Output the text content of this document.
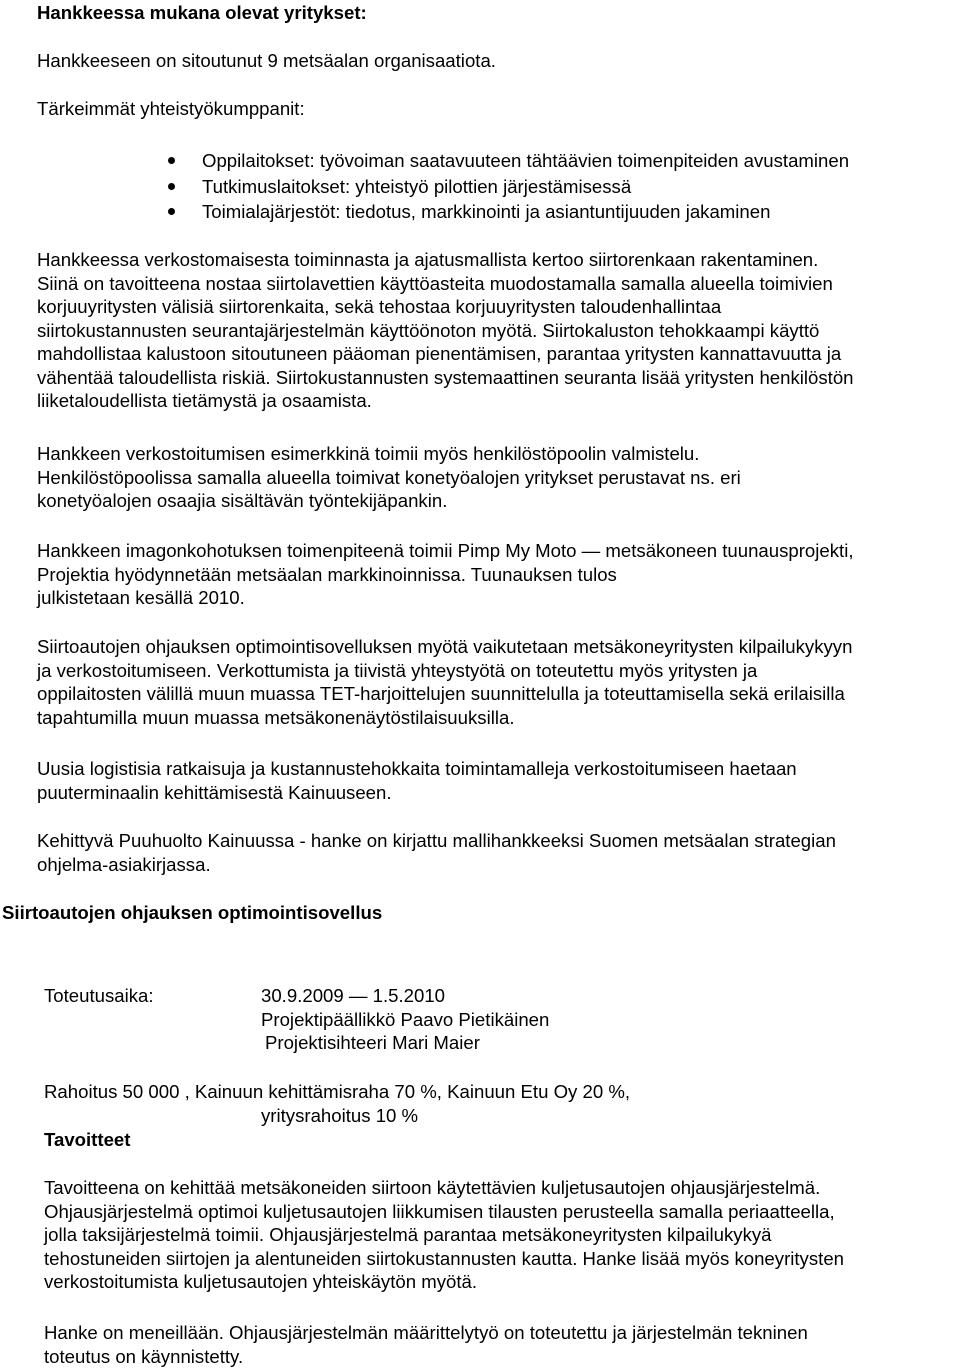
Hankkeessa mukana olevat yritykset:
Hankkeeseen on sitoutunut 9 metsäalan organisaatiota.
Tärkeimmät yhteistyökumppanit:
Oppilaitokset: työvoiman saatavuuteen tähtäävien toimenpiteiden avustaminen
Tutkimuslaitokset: yhteistyö pilottien järjestämisessä
Toimialajärjestöt: tiedotus, markkinointi ja asiantuntijuuden jakaminen
Hankkeessa verkostomaisesta toiminnasta ja ajatusmallista kertoo siirtorenkaan rakentaminen.
Siinä on tavoitteena nostaa siirtolavettien käyttöasteita muodostamalla samalla alueella toimivien
korjuuyritysten välisiä siirtorenkaita, sekä tehostaa korjuuyritysten taloudenhallintaa
siirtokustannusten seurantajärjestelmän käyttöönoton myötä. Siirtokaluston tehokkaampi käyttö
mahdollistaa kalustoon sitoutuneen pääoman pienentämisen, parantaa yritysten kannattavuutta ja
vähentää taloudellista riskiä. Siirtokustannusten systemaattinen seuranta lisää yritysten henkilöstön
liiketaloudellista tietämystä ja osaamista.
Hankkeen verkostoitumisen esimerkkinä toimii myös henkilöstöpoolin valmistelu.
Henkilöstöpoolissa samalla alueella toimivat konetyöalojen yritykset perustavat ns. eri
konetyöalojen osaajia sisältävän työntekijäpankin.
Hankkeen imagonkohotuksen toimenpiteenä toimii Pimp My Moto — metsäkoneen tuunausprojekti,
Projektia hyödynnetään metsäalan markkinoinnissa. Tuunauksen tulos
julkistetaan kesällä 2010.
Siirtoautojen ohjauksen optimointisovelluksen myötä vaikutetaan metsäkoneyritysten kilpailukykyyn
ja verkostoitumiseen. Verkottumista ja tiivistä yhteystyötä on toteutettu myös yritysten ja
oppilaitosten välillä muun muassa TET-harjoittelujen suunnittelulla ja toteuttamisella sekä erilaisilla
tapahtumilla muun muassa metsäkonenäytöstilaisuuksilla.
Uusia logistisia ratkaisuja ja kustannustehokkaita toimintamalleja verkostoitumiseen haetaan
puuterminaalin kehittämisestä Kainuuseen.
Kehittyvä Puuhuolto Kainuussa - hanke on kirjattu mallihankkeeksi Suomen metsäalan strategian
ohjelma-asiakirjassa.
Siirtoautojen ohjauksen optimointisovellus
Toteutusaika:	30.9.2009 — 1.5.2010
Projektipäällikkö Paavo Pietikäinen
Projektisihteeri Mari Maier
Rahoitus 50 000 , Kainuun kehittämisraha 70 %, Kainuun Etu Oy 20 %,
yritysrahoitus 10 %
Tavoitteet
Tavoitteena on kehittää metsäkoneiden siirtoon käytettävien kuljetusautojen ohjausjärjestelmä.
Ohjausjärjestelmä optimoi kuljetusautojen liikkumisen tilausten perusteella samalla periaatteella,
jolla taksijärjestelmä toimii. Ohjausjärjestelmä parantaa metsäkoneyritysten kilpailukykyä
tehostuneiden siirtojen ja alentuneiden siirtokustannusten kautta. Hanke lisää myös koneyritysten
verkostoitumista kuljetusautojen yhteiskäytön myötä.
Hanke on meneillään. Ohjausjärjestelmän määrittelytyö on toteutettu ja järjestelmän tekninen
toteutus on käynnistetty.
